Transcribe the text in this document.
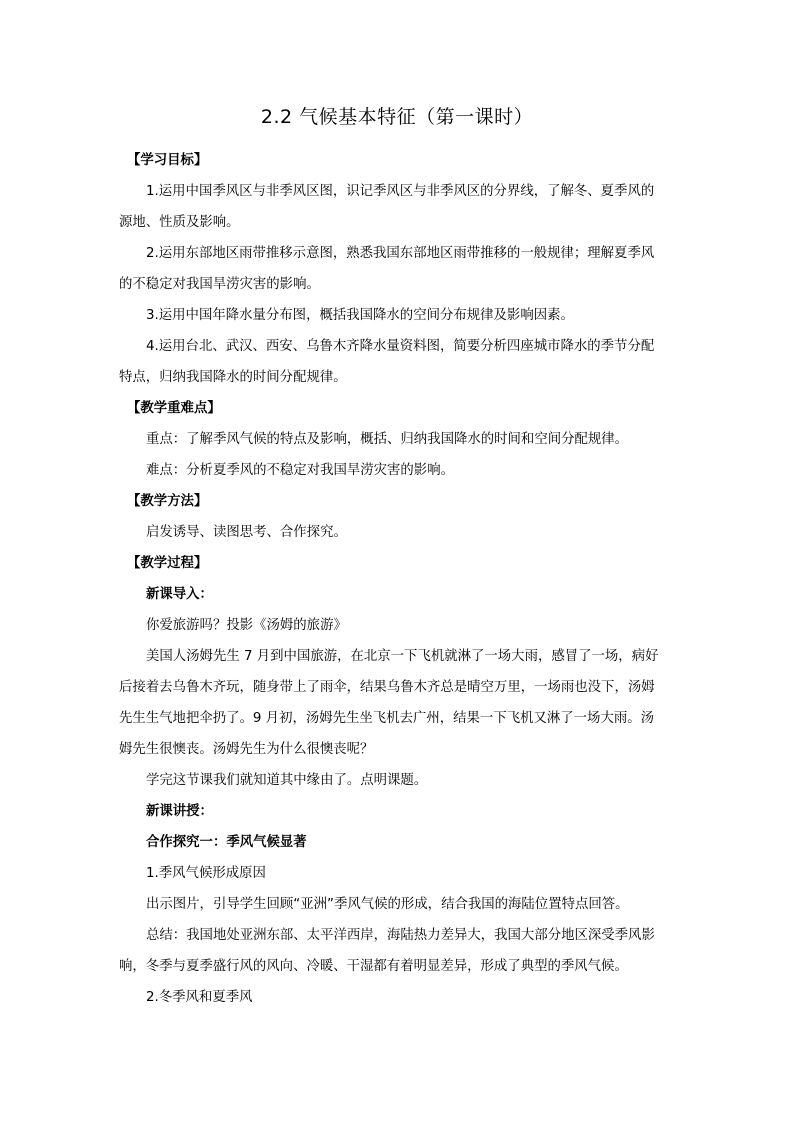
2.2 气候基本特征（第一课时）
【学习目标】
1.运用中国季风区与非季风区图，识记季风区与非季风区的分界线，了解冬、夏季风的
源地、性质及影响。
2.运用东部地区雨带推移示意图，熟悉我国东部地区雨带推移的一般规律；理解夏季风
的不稳定对我国旱涝灾害的影响。
3.运用中国年降水量分布图，概括我国降水的空间分布规律及影响因素。
4.运用台北、武汉、西安、乌鲁木齐降水量资料图，简要分析四座城市降水的季节分配
特点，归纳我国降水的时间分配规律。
【教学重难点】
重点：了解季风气候的特点及影响，概括、归纳我国降水的时间和空间分配规律。
难点：分析夏季风的不稳定对我国旱涝灾害的影响。
【教学方法】
启发诱导、读图思考、合作探究。
【教学过程】
新课导入：
你爱旅游吗？投影《汤姆的旅游》
美国人汤姆先生 7 月到中国旅游，在北京一下飞机就淋了一场大雨，感冒了一场，病好
后接着去乌鲁木齐玩，随身带上了雨伞，结果乌鲁木齐总是晴空万里，一场雨也没下，汤姆
先生生气地把伞扔了。9 月初，汤姆先生坐飞机去广州，结果一下飞机又淋了一场大雨。汤
姆先生很懊丧。汤姆先生为什么很懊丧呢？
学完这节课我们就知道其中缘由了。点明课题。
新课讲授：
合作探究一：季风气候显著
1.季风气候形成原因
出示图片，引导学生回顾“亚洲”季风气候的形成，结合我国的海陆位置特点回答。
总结：我国地处亚洲东部、太平洋西岸，海陆热力差异大，我国大部分地区深受季风影
响，冬季与夏季盛行风的风向、冷暖、干湿都有着明显差异，形成了典型的季风气候。
2.冬季风和夏季风
